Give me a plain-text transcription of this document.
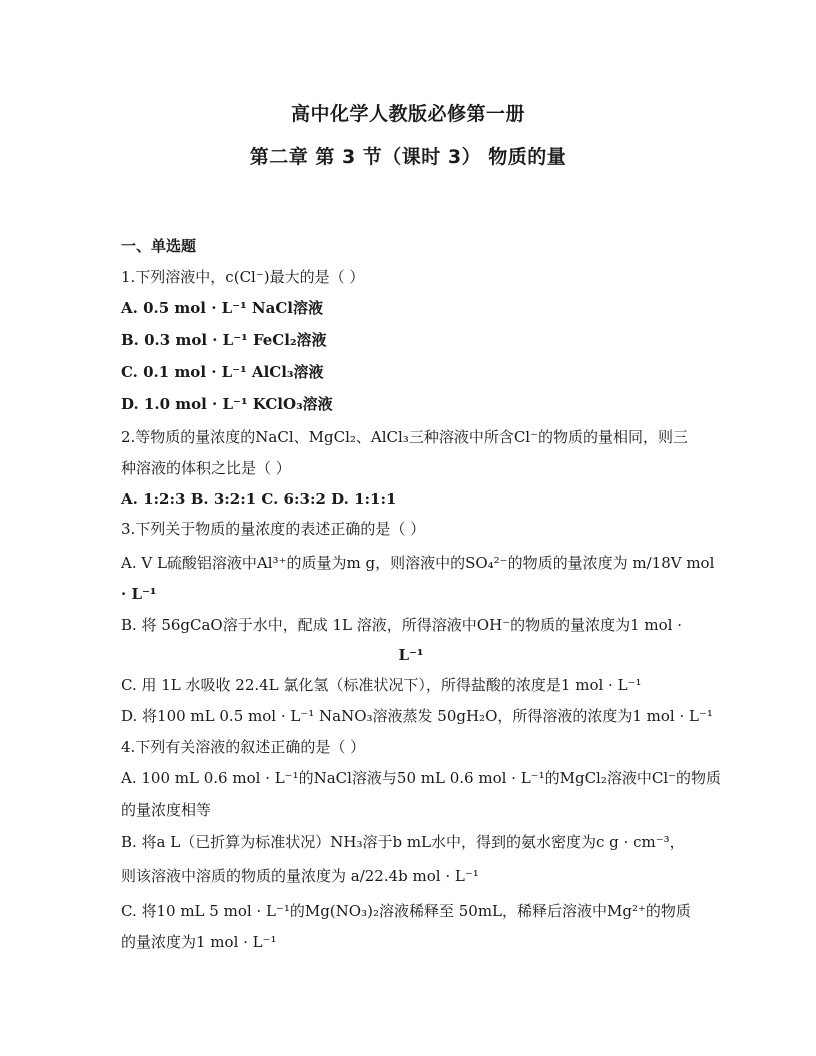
高中化学人教版必修第一册
第二章 第 3 节（课时 3） 物质的量
一、单选题
1.下列溶液中，c(Cl⁻)最大的是（ ）
A. 0.5 mol · L⁻¹ NaCl溶液
B. 0.3 mol · L⁻¹ FeCl₂溶液
C. 0.1 mol · L⁻¹ AlCl₃溶液
D. 1.0 mol · L⁻¹ KClO₃溶液
2.等物质的量浓度的NaCl、MgCl₂、AlCl₃三种溶液中所含Cl⁻的物质的量相同，则三
种溶液的体积之比是（ ）
A. 1:2:3 B. 3:2:1 C. 6:3:2 D. 1:1:1
3.下列关于物质的量浓度的表述正确的是（ ）
A. V L硫酸铝溶液中Al³⁺的质量为m g，则溶液中的SO₄²⁻的物质的量浓度为 m/18V mol
· L⁻¹
B. 将 56gCaO溶于水中，配成 1L 溶液，所得溶液中OH⁻的物质的量浓度为1 mol ·
L⁻¹
C. 用 1L 水吸收 22.4L 氯化氢（标准状况下），所得盐酸的浓度是1 mol · L⁻¹
D. 将100 mL 0.5 mol · L⁻¹ NaNO₃溶液蒸发 50gH₂O，所得溶液的浓度为1 mol · L⁻¹
4.下列有关溶液的叙述正确的是（ ）
A. 100 mL 0.6 mol · L⁻¹的NaCl溶液与50 mL 0.6 mol · L⁻¹的MgCl₂溶液中Cl⁻的物质
的量浓度相等
B. 将a L（已折算为标准状况）NH₃溶于b mL水中，得到的氨水密度为c g · cm⁻³，
则该溶液中溶质的物质的量浓度为 a/22.4b mol · L⁻¹
C. 将10 mL 5 mol · L⁻¹的Mg(NO₃)₂溶液稀释至 50mL，稀释后溶液中Mg²⁺的物质
的量浓度为1 mol · L⁻¹
